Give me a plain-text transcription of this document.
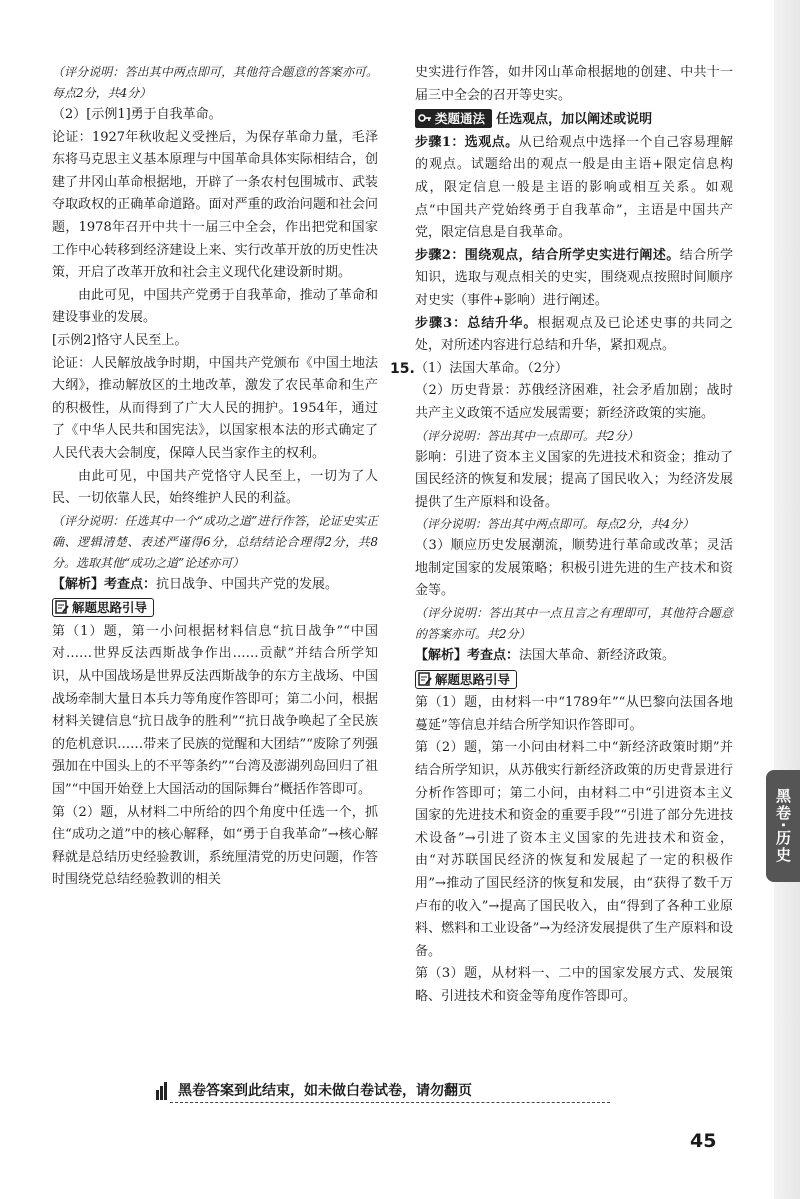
（评分说明：答出其中两点即可，其他符合题意的答案亦可。每点2分，共4分）

（2）[示例1]勇于自我革命。

论证：1927年秋收起义受挫后，为保存革命力量，毛泽东将马克思主义基本原理与中国革命具体实际相结合，创建了井冈山革命根据地，开辟了一条农村包围城市、武装夺取政权的正确革命道路。面对严重的政治问题和社会问题，1978年召开中共十一届三中全会，作出把党和国家工作中心转移到经济建设上来、实行改革开放的历史性决策，开启了改革开放和社会主义现代化建设新时期。

由此可见，中国共产党勇于自我革命，推动了革命和建设事业的发展。

[示例2]恪守人民至上。

论证：人民解放战争时期，中国共产党颁布《中国土地法大纲》，推动解放区的土地改革，激发了农民革命和生产的积极性，从而得到了广大人民的拥护。1954年，通过了《中华人民共和国宪法》，以国家根本法的形式确定了人民代表大会制度，保障人民当家作主的权利。

由此可见，中国共产党恪守人民至上，一切为了人民、一切依靠人民，始终维护人民的利益。

（评分说明：任选其中一个“成功之道”进行作答，论证史实正确、逻辑清楚、表述严谨得6分，总结结论合理得2分，共8分。选取其他“成功之道”论述亦可）

【解析】考查点：抗日战争、中国共产党的发展。

解题思路引导

第（1）题，第一小问根据材料信息“抗日战争”“中国对……世界反法西斯战争作出……贡献”并结合所学知识，从中国战场是世界反法西斯战争的东方主战场、中国战场牵制大量日本兵力等角度作答即可；第二小问，根据材料关键信息“抗日战争的胜利”“抗日战争唤起了全民族的危机意识……带来了民族的觉醒和大团结”“废除了列强强加在中国头上的不平等条约”“台湾及澎湖列岛回归了祖国”“中国开始登上大国活动的国际舞台”概括作答即可。

第（2）题，从材料二中所给的四个角度中任选一个，抓住“成功之道”中的核心解释，如“勇于自我革命”→核心解释就是总结历史经验教训，系统厘清党的历史问题，作答时围绕党总结经验教训的相关

史实进行作答，如井冈山革命根据地的创建、中共十一届三中全会的召开等史实。

类题通法 任选观点，加以阐述或说明

步骤1：选观点。从已给观点中选择一个自己容易理解的观点。试题给出的观点一般是由主语+限定信息构成，限定信息一般是主语的影响或相互关系。如观点“中国共产党始终勇于自我革命”，主语是中国共产党，限定信息是自我革命。

步骤2：围绕观点，结合所学史实进行阐述。结合所学知识，选取与观点相关的史实，围绕观点按照时间顺序对史实（事件+影响）进行阐述。

步骤3：总结升华。根据观点及已论述史事的共同之处，对所述内容进行总结和升华，紧扣观点。

15. （1）法国大革命。（2分）

（2）历史背景：苏俄经济困难，社会矛盾加剧；战时共产主义政策不适应发展需要；新经济政策的实施。

（评分说明：答出其中一点即可。共2分）

影响：引进了资本主义国家的先进技术和资金；推动了国民经济的恢复和发展；提高了国民收入；为经济发展提供了生产原料和设备。

（评分说明：答出其中两点即可。每点2分，共4分）

（3）顺应历史发展潮流，顺势进行革命或改革；灵活地制定国家的发展策略；积极引进先进的生产技术和资金等。

（评分说明：答出其中一点且言之有理即可，其他符合题意的答案亦可。共2分）

【解析】考查点：法国大革命、新经济政策。

解题思路引导

第（1）题，由材料一中“1789年”“从巴黎向法国各地蔓延”等信息并结合所学知识作答即可。

第（2）题，第一小问由材料二中“新经济政策时期”并结合所学知识，从苏俄实行新经济政策的历史背景进行分析作答即可；第二小问，由材料二中“引进资本主义国家的先进技术和资金的重要手段”“引进了部分先进技术设备”→引进了资本主义国家的先进技术和资金，由“对苏联国民经济的恢复和发展起了一定的积极作用”→推动了国民经济的恢复和发展，由“获得了数千万卢布的收入”→提高了国民收入，由“得到了各种工业原料、燃料和工业设备”→为经济发展提供了生产原料和设备。

第（3）题，从材料一、二中的国家发展方式、发展策略、引进技术和资金等角度作答即可。

黑卷·历史
黑卷答案到此结束，如未做白卷试卷，请勿翻页
45
